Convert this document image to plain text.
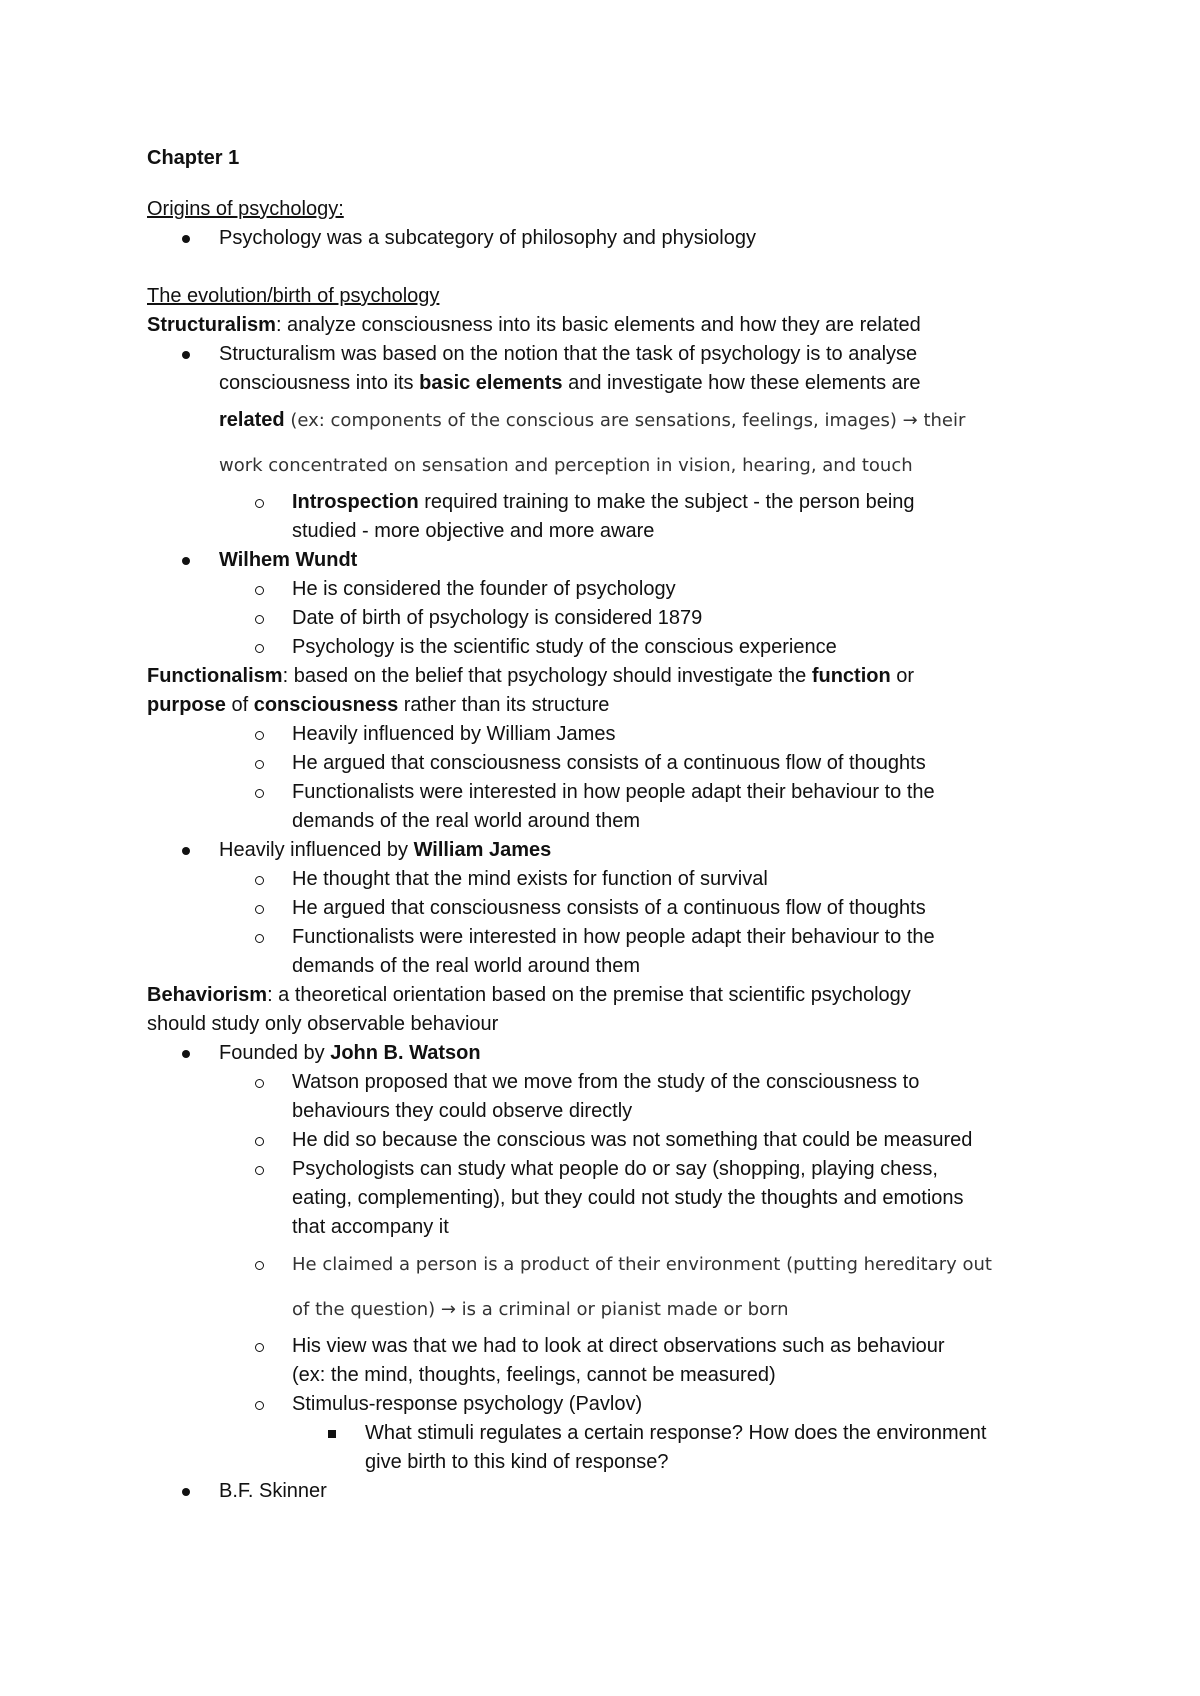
Chapter 1
Origins of psychology:
Psychology was a subcategory of philosophy and physiology
The evolution/birth of psychology
Structuralism: analyze consciousness into its basic elements and how they are related
Structuralism was based on the notion that the task of psychology is to analyse
consciousness into its basic elements and investigate how these elements are
related (ex: components of the conscious are sensations, feelings, images) → their
work concentrated on sensation and perception in vision, hearing, and touch
Introspection required training to make the subject - the person being
studied - more objective and more aware
Wilhem Wundt
He is considered the founder of psychology
Date of birth of psychology is considered 1879
Psychology is the scientific study of the conscious experience
Functionalism: based on the belief that psychology should investigate the function or
purpose of consciousness rather than its structure
Heavily influenced by William James
He argued that consciousness consists of a continuous flow of thoughts
Functionalists were interested in how people adapt their behaviour to the
demands of the real world around them
Heavily influenced by William James
He thought that the mind exists for function of survival
He argued that consciousness consists of a continuous flow of thoughts
Functionalists were interested in how people adapt their behaviour to the
demands of the real world around them
Behaviorism: a theoretical orientation based on the premise that scientific psychology
should study only observable behaviour
Founded by John B. Watson
Watson proposed that we move from the study of the consciousness to
behaviours they could observe directly
He did so because the conscious was not something that could be measured
Psychologists can study what people do or say (shopping, playing chess,
eating, complementing), but they could not study the thoughts and emotions
that accompany it
He claimed a person is a product of their environment (putting hereditary out
of the question) → is a criminal or pianist made or born
His view was that we had to look at direct observations such as behaviour
(ex: the mind, thoughts, feelings, cannot be measured)
Stimulus-response psychology (Pavlov)
What stimuli regulates a certain response? How does the environment
give birth to this kind of response?
B.F. Skinner
